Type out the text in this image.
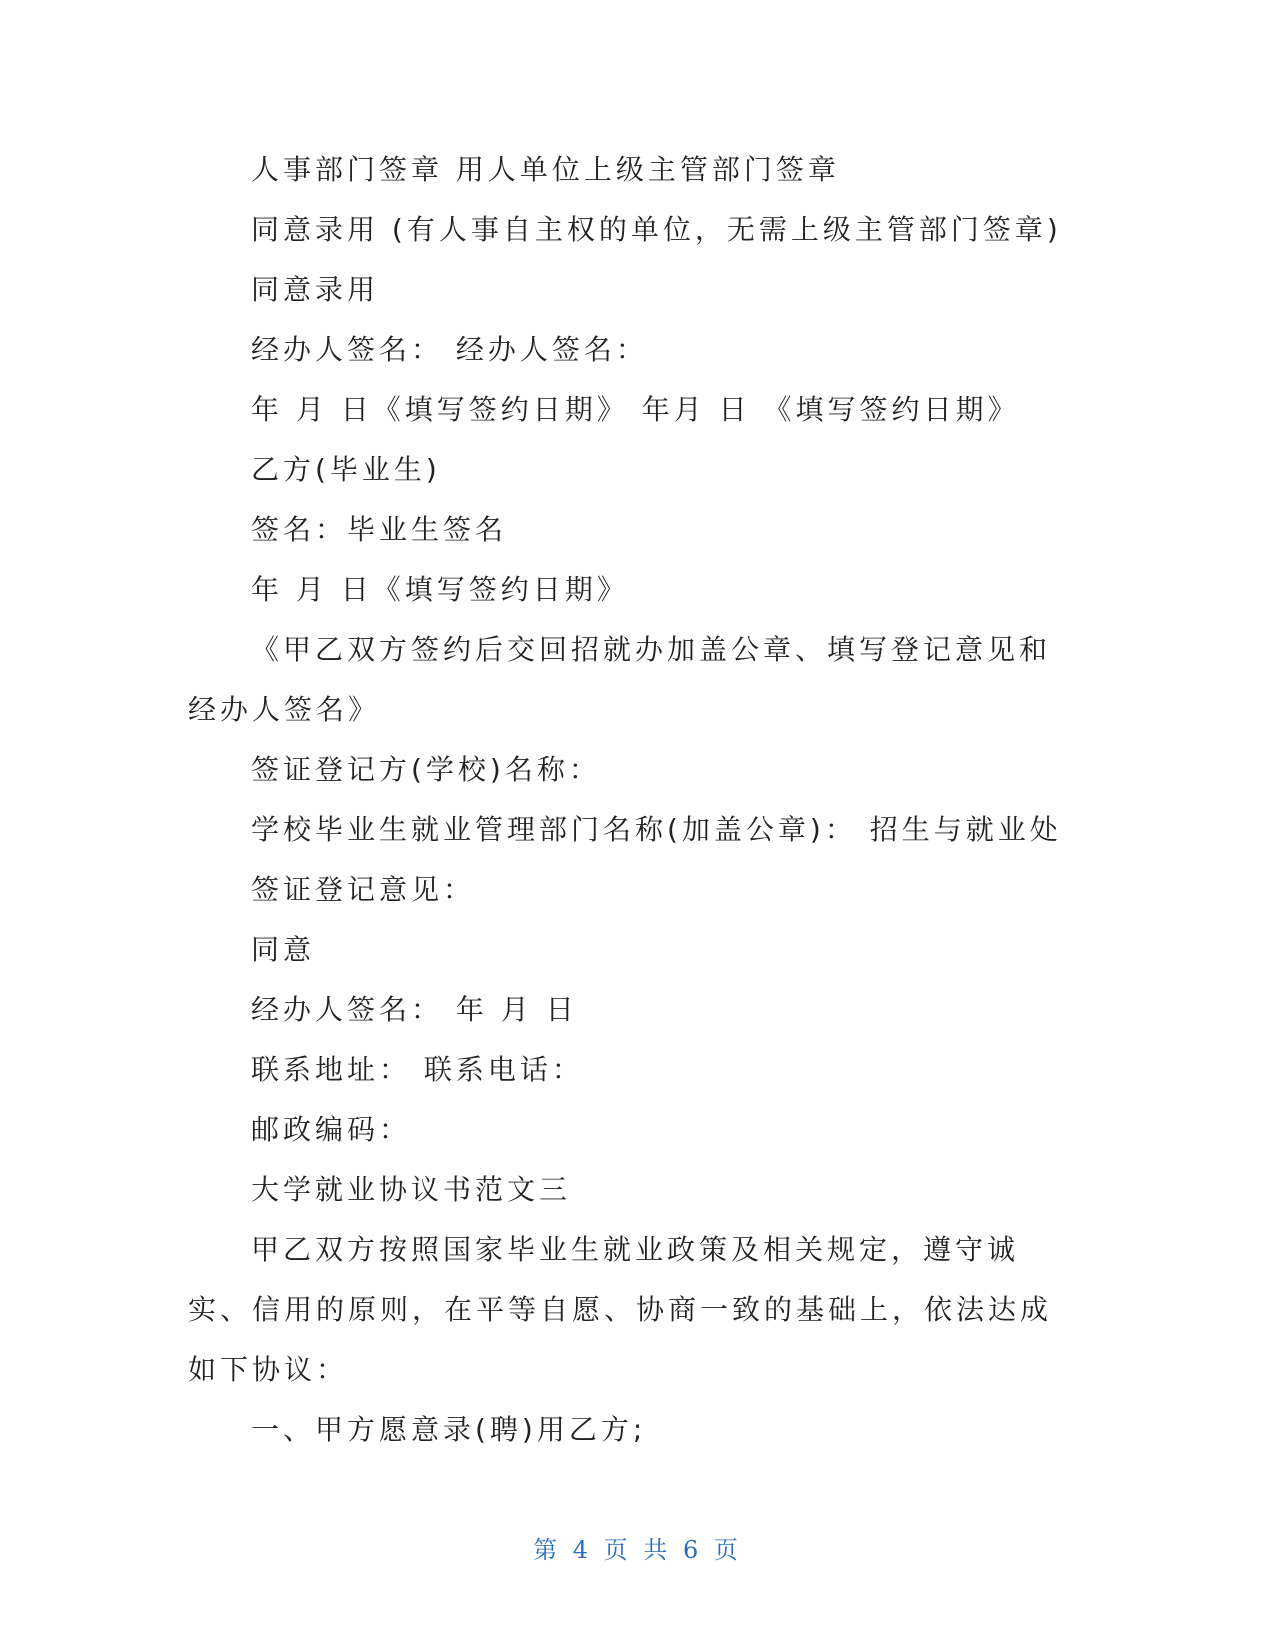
人事部门签章 用人单位上级主管部门签章
同意录用 (有人事自主权的单位，无需上级主管部门签章)
同意录用
经办人签名： 经办人签名：
年 月 日《填写签约日期》 年月 日 《填写签约日期》
乙方(毕业生)
签名：毕业生签名
年 月 日《填写签约日期》
《甲乙双方签约后交回招就办加盖公章、填写登记意见和经办人签名》
签证登记方(学校)名称：
学校毕业生就业管理部门名称(加盖公章)： 招生与就业处
签证登记意见：
同意
经办人签名： 年 月 日
联系地址： 联系电话：
邮政编码：
大学就业协议书范文三
甲乙双方按照国家毕业生就业政策及相关规定，遵守诚实、信用的原则，在平等自愿、协商一致的基础上，依法达成如下协议：
一、甲方愿意录(聘)用乙方;
第 4 页 共 6 页
